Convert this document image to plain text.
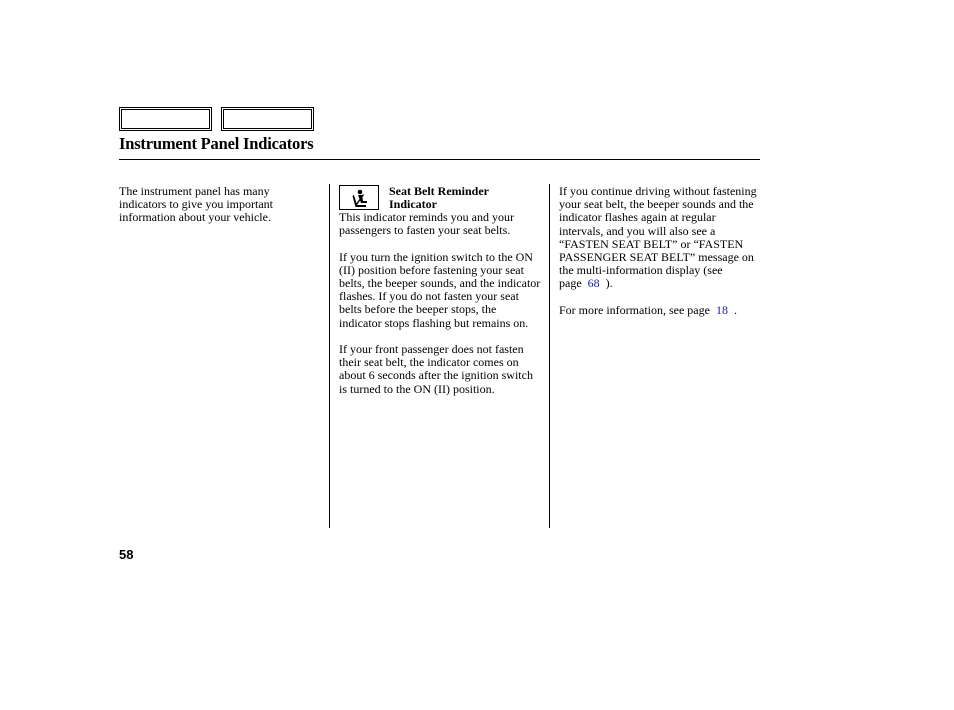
Instrument Panel Indicators

The instrument panel has many indicators to give you important information about your vehicle.

Seat Belt Reminder
Indicator

This indicator reminds you and your passengers to fasten your seat belts.

If you turn the ignition switch to the ON (II) position before fastening your seat belts, the beeper sounds, and the indicator flashes. If you do not fasten your seat belts before the beeper stops, the indicator stops flashing but remains on.

If your front passenger does not fasten their seat belt, the indicator comes on about 6 seconds after the ignition switch is turned to the ON (II) position.

If you continue driving without fastening your seat belt, the beeper sounds and the indicator flashes again at regular intervals, and you will also see a “FASTEN SEAT BELT” or “FASTEN PASSENGER SEAT BELT” message on the multi-information display (see page 68 ).

For more information, see page 18 .

58
